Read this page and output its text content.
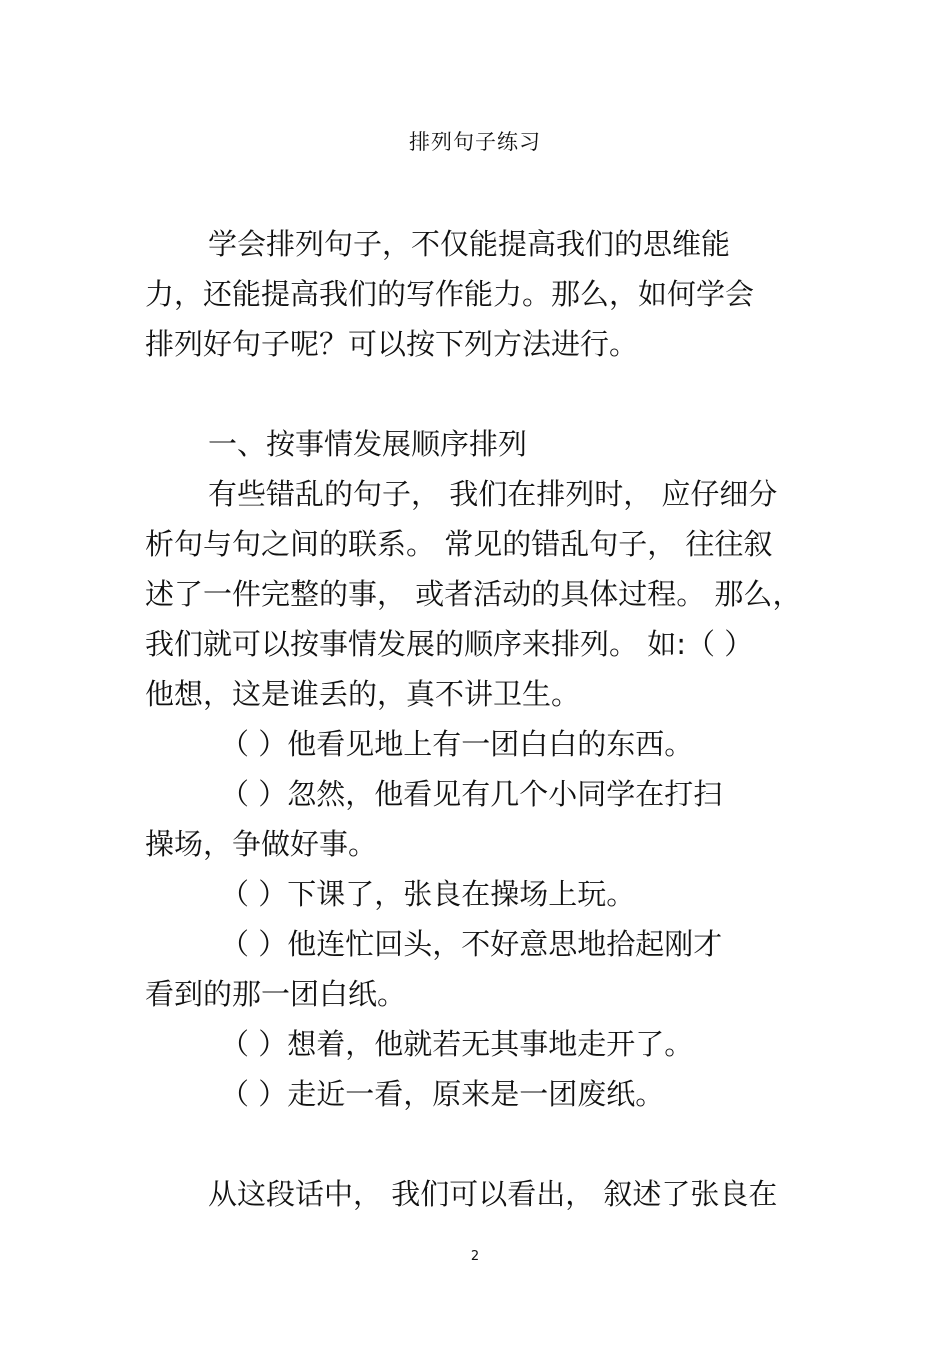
排列句子练习
学会排列句子，不仅能提高我们的思维能
力，还能提高我们的写作能力。那么，如何学会
排列好句子呢？可以按下列方法进行。
一、按事情发展顺序排列
有些错乱的句子， 我们在排列时， 应仔细分
析句与句之间的联系。 常见的错乱句子， 往往叙
述了一件完整的事， 或者活动的具体过程。 那么，
我们就可以按事情发展的顺序来排列。 如:（ ）
他想，这是谁丢的，真不讲卫生。
（ ）他看见地上有一团白白的东西。
（ ）忽然，他看见有几个小同学在打扫
操场，争做好事。
（ ）下课了，张良在操场上玩。
（ ）他连忙回头，不好意思地拾起刚才
看到的那一团白纸。
（ ）想着，他就若无其事地走开了。
（ ）走近一看，原来是一团废纸。
从这段话中， 我们可以看出， 叙述了张良在
2
